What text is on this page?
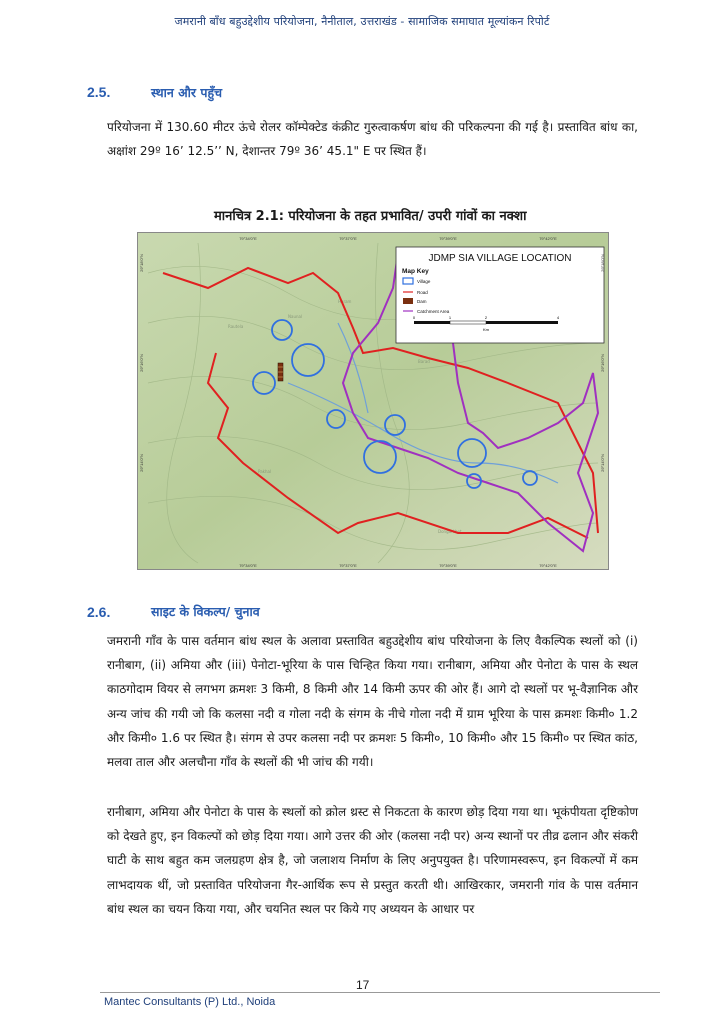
जमरानी बाँध बहुउद्देशीय परियोजना, नैनीताल, उत्तराखंड - सामाजिक समाघात मूल्यांकन रिपोर्ट
2.5.	स्थान और पहुँच

परियोजना में 130.60 मीटर ऊंचे रोलर कॉम्पेक्टेड कंक्रीट गुरुत्वाकर्षण बांध की परिकल्पना की गई है। प्रस्तावित बांध का, अक्षांश 29º 16’ 12.5’’ N, देशान्तर 79º 36’ 45.1" E पर स्थित हैं।

मानचित्र 2.1: परियोजना के तहत प्रभावित/ उपरी गांवों का नक्शा
Rautela
Naunal
Haram
Barad
Pakhal
Dongarkhet
JDMP SIA VILLAGE LOCATION
Map Key
Village
Road
Dam
Catchment Area
0	1	2	4
Km
79°34'0"E	79°37'0"E	79°39'0"E	79°42'0"E
79°34'0"E	79°37'0"E	79°39'0"E	79°42'0"E
29°18'0"N
29°16'0"N
29°14'0"N
29°18'0"N
29°16'0"N
29°14'0"N
2.6.	साइट के विकल्प/ चुनाव

जमरानी गाँव के पास वर्तमान बांध स्थल के अलावा प्रस्तावित बहुउद्देशीय बांध परियोजना के लिए वैकल्पिक स्थलों को (i) रानीबाग, (ii) अमिया और (iii) पेनोटा-भूरिया के पास चिन्हित किया गया। रानीबाग, अमिया और पेनोटा के पास के स्थल काठगोदाम वियर से लगभग क्रमशः 3 किमी, 8 किमी और 14 किमी ऊपर की ओर हैं। आगे दो स्थलों पर भू-वैज्ञानिक और अन्य जांच की गयी जो कि कलसा नदी व गोला नदी के संगम के नीचे गोला नदी में ग्राम भूरिया के पास क्रमशः किमी० 1.2 और किमी० 1.6 पर स्थित है। संगम से उपर कलसा नदी पर क्रमशः 5 किमी०, 10 किमी० और 15 किमी० पर स्थित कांठ, मलवा ताल और अलचौना गाँव के स्थलों की भी जांच की गयी।

रानीबाग, अमिया और पेनोटा के पास के स्थलों को क्रोल थ्रस्ट से निकटता के कारण छोड़ दिया गया था। भूकंपीयता दृष्टिकोण को देखते हुए, इन विकल्पों को छोड़ दिया गया। आगे उत्तर की ओर (कलसा नदी पर) अन्य स्थानों पर तीव्र ढलान और संकरी घाटी के साथ बहुत कम जलग्रहण क्षेत्र है, जो जलाशय निर्माण के लिए अनुपयुक्त है। परिणामस्वरूप, इन विकल्पों में कम लाभदायक थीं, जो प्रस्तावित परियोजना गैर-आर्थिक रूप से प्रस्तुत करती थी। आखिरकार, जमरानी गांव के पास वर्तमान बांध स्थल का चयन किया गया, और चयनित स्थल पर किये गए अध्ययन के आधार पर

17
Mantec Consultants (P) Ltd., Noida
